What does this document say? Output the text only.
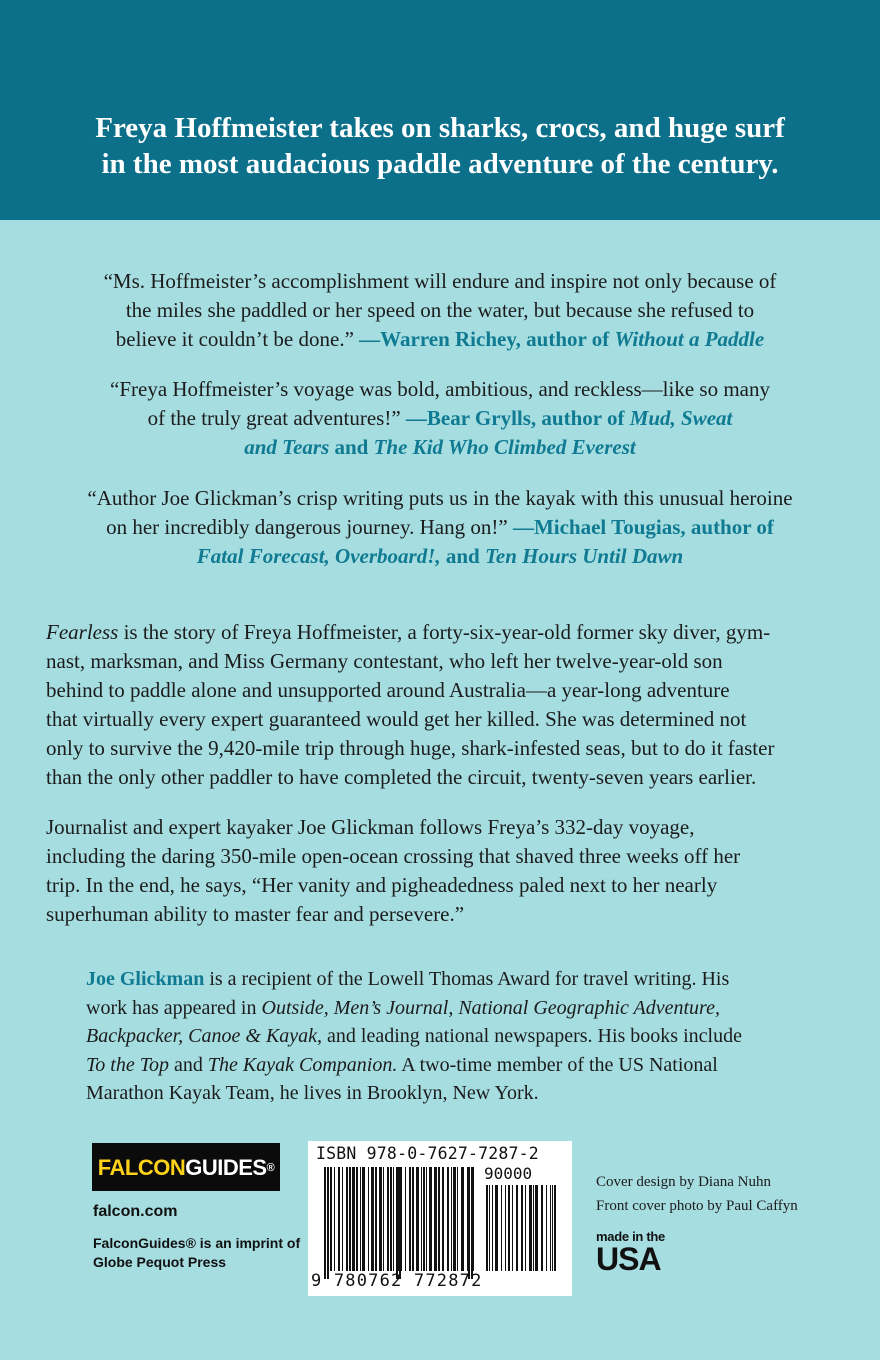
Freya Hoffmeister takes on sharks, crocs, and huge surf
in the most audacious paddle adventure of the century.
“Ms. Hoffmeister’s accomplishment will endure and inspire not only because of
the miles she paddled or her speed on the water, but because she refused to
believe it couldn’t be done.” —Warren Richey, author of Without a Paddle
“Freya Hoffmeister’s voyage was bold, ambitious, and reckless—like so many
of the truly great adventures!” —Bear Grylls, author of Mud, Sweat
and Tears and The Kid Who Climbed Everest
“Author Joe Glickman’s crisp writing puts us in the kayak with this unusual heroine
on her incredibly dangerous journey. Hang on!” —Michael Tougias, author of
Fatal Forecast, Overboard!, and Ten Hours Until Dawn
Fearless is the story of Freya Hoffmeister, a forty-six-year-old former sky diver, gym-
nast, marksman, and Miss Germany contestant, who left her twelve-year-old son
behind to paddle alone and unsupported around Australia—a year-long adventure
that virtually every expert guaranteed would get her killed. She was determined not
only to survive the 9,420-mile trip through huge, shark-infested seas, but to do it faster
than the only other paddler to have completed the circuit, twenty-seven years earlier.
Journalist and expert kayaker Joe Glickman follows Freya’s 332-day voyage,
including the daring 350-mile open-ocean crossing that shaved three weeks off her
trip. In the end, he says, “Her vanity and pigheadedness paled next to her nearly
superhuman ability to master fear and persevere.”
Joe Glickman is a recipient of the Lowell Thomas Award for travel writing. His
work has appeared in Outside, Men’s Journal, National Geographic Adventure,
Backpacker, Canoe & Kayak, and leading national newspapers. His books include
To the Top and The Kayak Companion. A two-time member of the US National
Marathon Kayak Team, he lives in Brooklyn, New York.
FALCON GUIDES ®
falcon.com
FalconGuides® is an imprint of
Globe Pequot Press
ISBN 978-0-7627-7287-2
90000
9 780762 772872
Cover design by Diana Nuhn
Front cover photo by Paul Caffyn
made in the
USA
